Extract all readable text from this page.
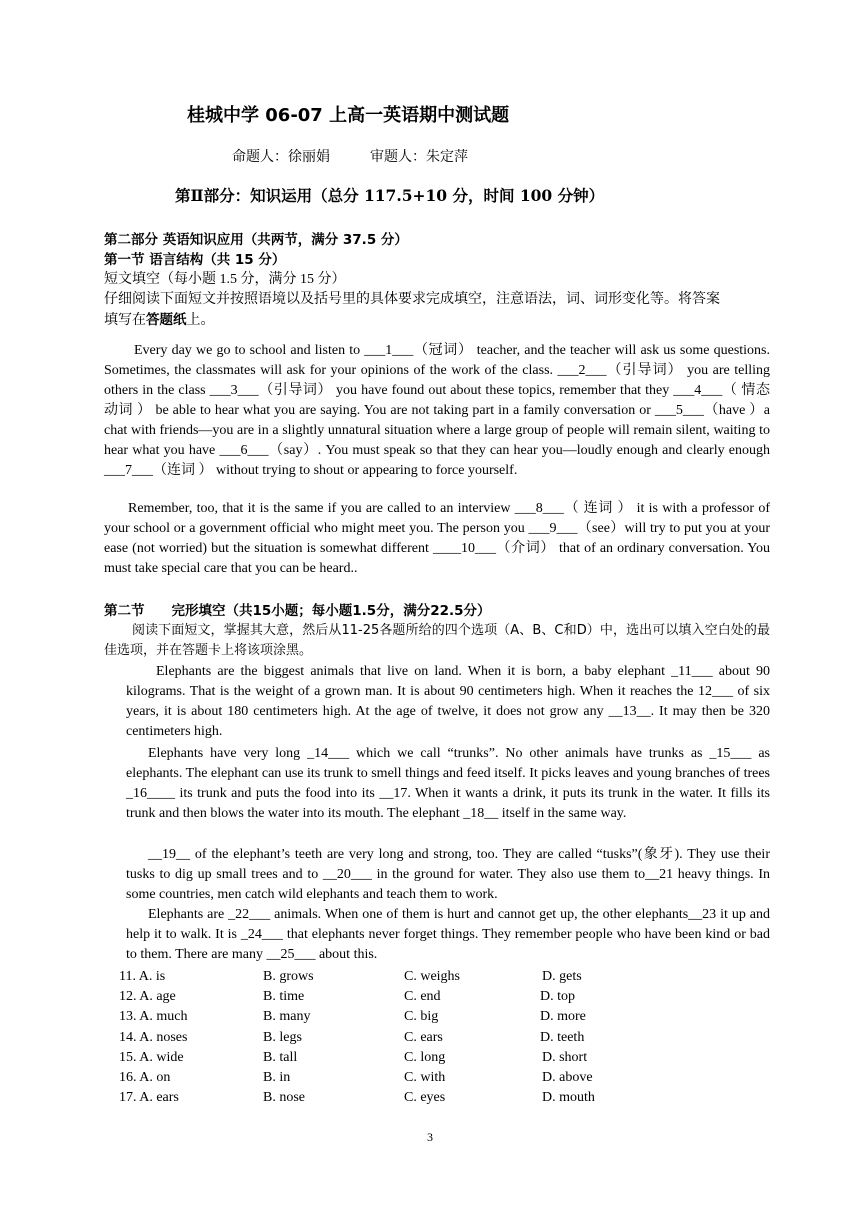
桂城中学 06-07 上高一英语期中测试题
命题人：徐丽娟	审题人：朱定萍
第Ⅱ部分：知识运用（总分 117.5+10 分，时间 100 分钟）
第二部分 英语知识应用（共两节，满分 37.5 分）
第一节 语言结构（共 15 分）
短文填空（每小题 1.5 分，满分 15 分）
仔细阅读下面短文并按照语境以及括号里的具体要求完成填空，注意语法，词、词形变化等。将答案
填写在答题纸上。
Every day we go to school and listen to ___1___（冠词） teacher, and the teacher will ask us some questions. Sometimes, the classmates will ask for your opinions of the work of the class. ___2___（引导词） you are telling others in the class ___3___（引导词） you have found out about these topics, remember that they ___4___（ 情态动词 ） be able to hear what you are saying. You are not taking part in a family conversation or ___5___（have ）a chat with friends—you are in a slightly unnatural situation where a large group of people will remain silent, waiting to hear what you have ___6___（say）. You must speak so that they can hear you—loudly enough and clearly enough ___7___（连词 ） without trying to shout or appearing to force yourself.
Remember, too, that it is the same if you are called to an interview ___8___（ 连词 ） it is with a professor of your school or a government official who might meet you. The person you ___9___（see）will try to put you at your ease (not worried) but the situation is somewhat different ____10___（介词） that of an ordinary conversation. You must take special care that you can be heard..
第二节　　完形填空（共15小题；每小题1.5分，满分22.5分）
阅读下面短文，掌握其大意，然后从11-25各题所给的四个选项（A、B、C和D）中，选出可以填入空白处的最佳选项，并在答题卡上将该项涂黑。
Elephants are the biggest animals that live on land. When it is born, a baby elephant _11___ about 90 kilograms. That is the weight of a grown man. It is about 90 centimeters high. When it reaches the 12___ of six years, it is about 180 centimeters high. At the age of twelve, it does not grow any __13__. It may then be 320 centimeters high.
Elephants have very long _14___ which we call “trunks”. No other animals have trunks as _15___ as elephants. The elephant can use its trunk to smell things and feed itself. It picks leaves and young branches of trees _16____ its trunk and puts the food into its __17. When it wants a drink, it puts its trunk in the water. It fills its trunk and then blows the water into its mouth. The elephant _18__ itself in the same way.
__19__ of the elephant’s teeth are very long and strong, too. They are called “tusks”(象牙). They use their tusks to dig up small trees and to __20___ in the ground for water. They also use them to__21 heavy things. In some countries, men catch wild elephants and teach them to work.
Elephants are _22___ animals. When one of them is hurt and cannot get up, the other elephants__23 it up and help it to walk. It is _24___ that elephants never forget things. They remember people who have been kind or bad to them. There are many __25___ about this.
11. A. is	B. grows	C. weighs	D. gets
12. A. age	B. time	C. end	D. top
13. A. much	B. many	C. big	D. more
14. A. noses	B. legs	C. ears	D. teeth
15. A. wide	B. tall	C. long	D. short
16. A. on	B. in	C. with	D. above
17. A. ears	B. nose	C. eyes	D. mouth
3
